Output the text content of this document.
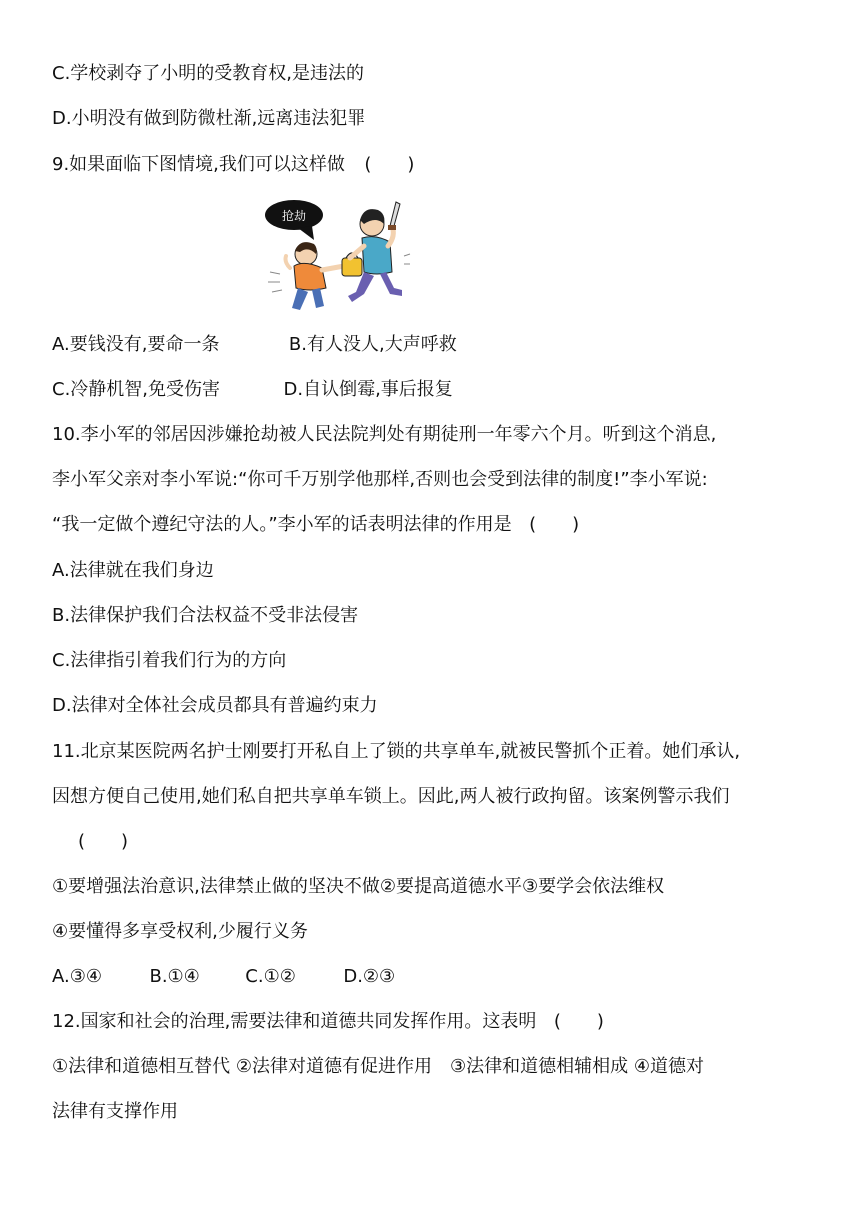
C.学校剥夺了小明的受教育权,是违法的
D.小明没有做到防微杜渐,远离违法犯罪
9.如果面临下图情境,我们可以这样做 (　　)
抢劫
A.要钱没有,要命一条	B.有人没人,大声呼救
C.冷静机智,免受伤害	D.自认倒霉,事后报复
10.李小军的邻居因涉嫌抢劫被人民法院判处有期徒刑一年零六个月。听到这个消息,
李小军父亲对李小军说:“你可千万别学他那样,否则也会受到法律的制度!”李小军说:
“我一定做个遵纪守法的人。”李小军的话表明法律的作用是 (　　)
A.法律就在我们身边
B.法律保护我们合法权益不受非法侵害
C.法律指引着我们行为的方向
D.法律对全体社会成员都具有普遍约束力
11.北京某医院两名护士刚要打开私自上了锁的共享单车,就被民警抓个正着。她们承认,
因想方便自己使用,她们私自把共享单车锁上。因此,两人被行政拘留。该案例警示我们
(　　)
①要增强法治意识,法律禁止做的坚决不做②要提高道德水平③要学会依法维权
④要懂得多享受权利,少履行义务
A.③④	B.①④	C.①②	D.②③
12.国家和社会的治理,需要法律和道德共同发挥作用。这表明 (　　)
①法律和道德相互替代 ②法律对道德有促进作用　③法律和道德相辅相成 ④道德对
法律有支撑作用
